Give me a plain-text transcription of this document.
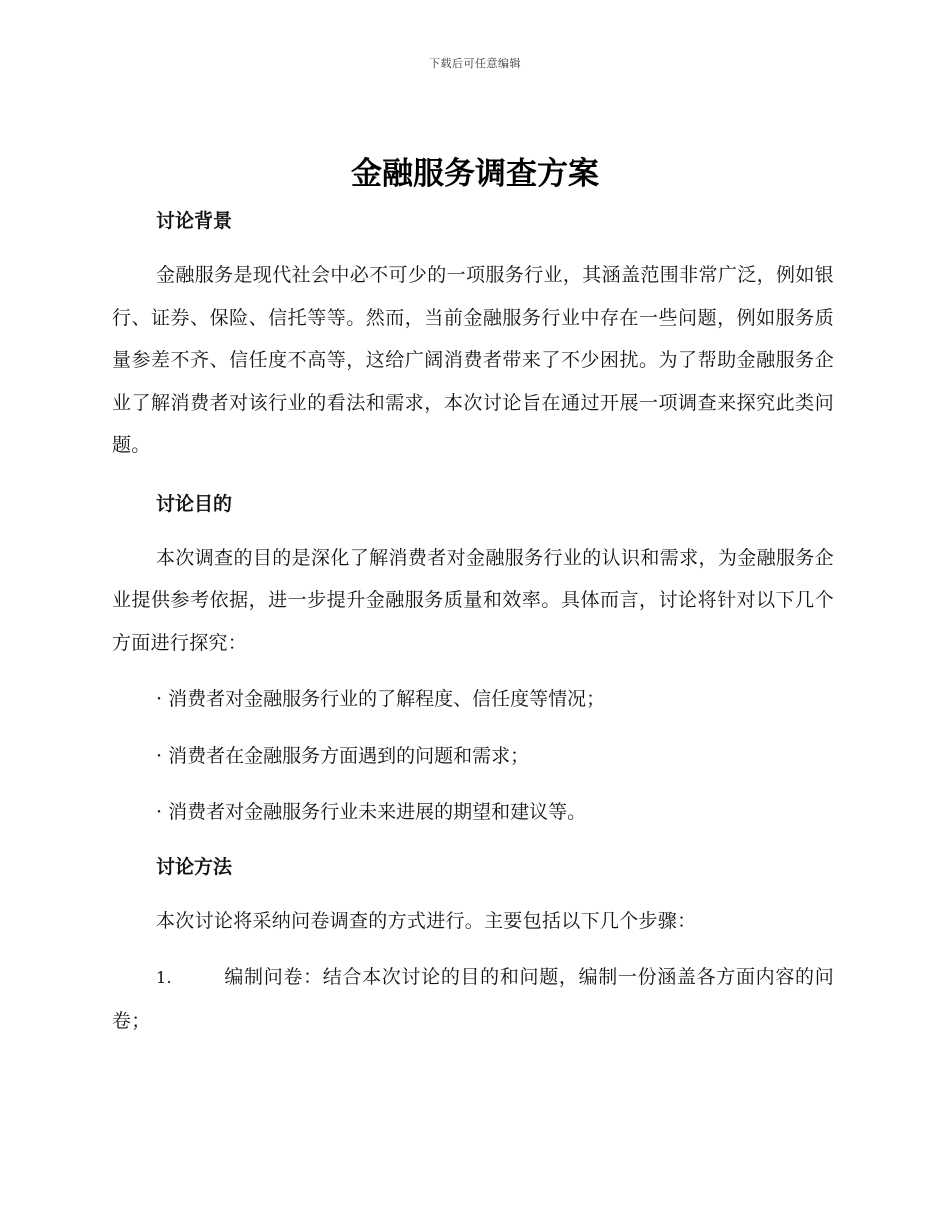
下载后可任意编辑
金融服务调查方案
讨论背景

金融服务是现代社会中必不可少的一项服务行业，其涵盖范围非常广泛，例如银行、证券、保险、信托等等。然而，当前金融服务行业中存在一些问题，例如服务质量参差不齐、信任度不高等，这给广阔消费者带来了不少困扰。为了帮助金融服务企业了解消费者对该行业的看法和需求，本次讨论旨在通过开展一项调查来探究此类问题。

讨论目的

本次调查的目的是深化了解消费者对金融服务行业的认识和需求，为金融服务企业提供参考依据，进一步提升金融服务质量和效率。具体而言，讨论将针对以下几个方面进行探究：

· 消费者对金融服务行业的了解程度、信任度等情况；

· 消费者在金融服务方面遇到的问题和需求；

· 消费者对金融服务行业未来进展的期望和建议等。

讨论方法

本次讨论将采纳问卷调查的方式进行。主要包括以下几个步骤：

1.	编制问卷：结合本次讨论的目的和问题，编制一份涵盖各方面内容的问卷；
